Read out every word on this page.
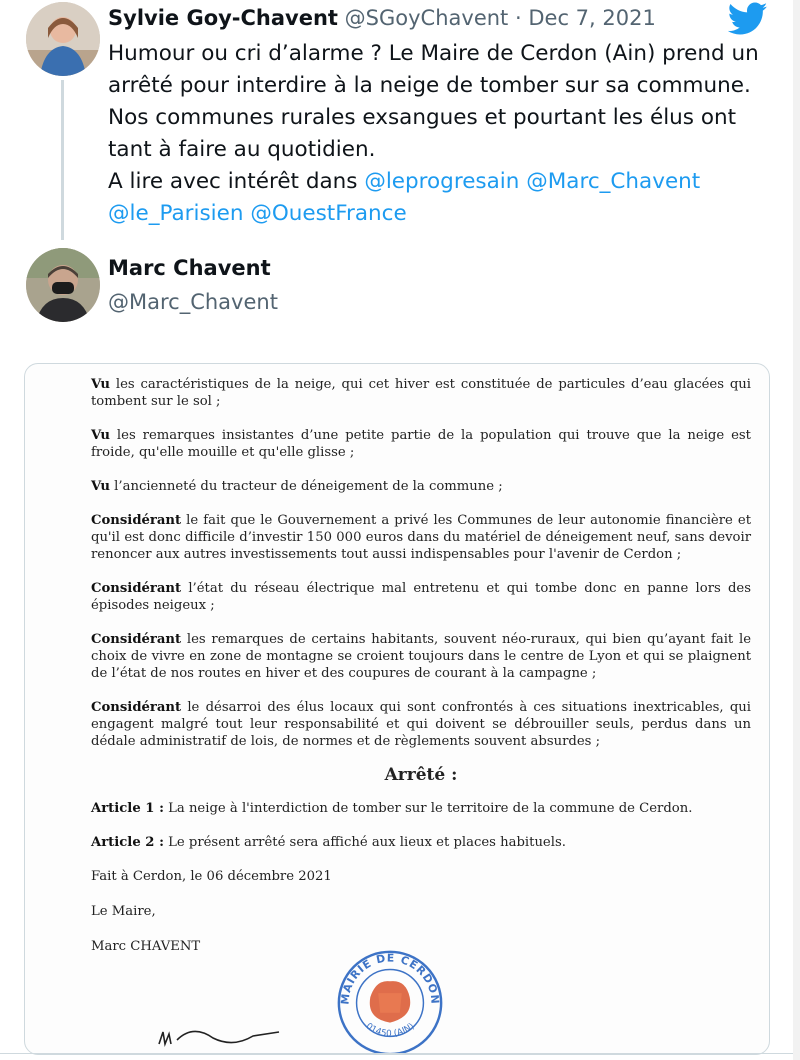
Sylvie Goy-Chavent @SGoyChavent · Dec 7, 2021

Humour ou cri d’alarme ? Le Maire de Cerdon (Ain) prend un arrêté pour interdire à la neige de tomber sur sa commune.

Nos communes rurales exsangues et pourtant les élus ont tant à faire au quotidien.

A lire avec intérêt dans @leprogresain @Marc_Chavent @le_Parisien @OuestFrance

Marc Chavent
@Marc_Chavent

Vu les caractéristiques de la neige, qui cet hiver est constituée de particules d’eau glacées qui tombent sur le sol ;

Vu les remarques insistantes d’une petite partie de la population qui trouve que la neige est froide, qu'elle mouille et qu'elle glisse ;

Vu l’ancienneté du tracteur de déneigement de la commune ;

Considérant le fait que le Gouvernement a privé les Communes de leur autonomie financière et qu'il est donc difficile d’investir 150 000 euros dans du matériel de déneigement neuf, sans devoir renoncer aux autres investissements tout aussi indispensables pour l'avenir de Cerdon ;

Considérant l’état du réseau électrique mal entretenu et qui tombe donc en panne lors des épisodes neigeux ;

Considérant les remarques de certains habitants, souvent néo-ruraux, qui bien qu’ayant fait le choix de vivre en zone de montagne se croient toujours dans le centre de Lyon et qui se plaignent de l’état de nos routes en hiver et des coupures de courant à la campagne ;

Considérant le désarroi des élus locaux qui sont confrontés à ces situations inextricables, qui engagent malgré tout leur responsabilité et qui doivent se débrouiller seuls, perdus dans un dédale administratif de lois, de normes et de règlements souvent absurdes ;

Arrêté :

Article 1 : La neige à l'interdiction de tomber sur le territoire de la commune de Cerdon.

Article 2 : Le présent arrêté sera affiché aux lieux et places habituels.

Fait à Cerdon, le 06 décembre 2021

Le Maire,

Marc CHAVENT

MAIRIE DE CERDON
01450 (AIN)
